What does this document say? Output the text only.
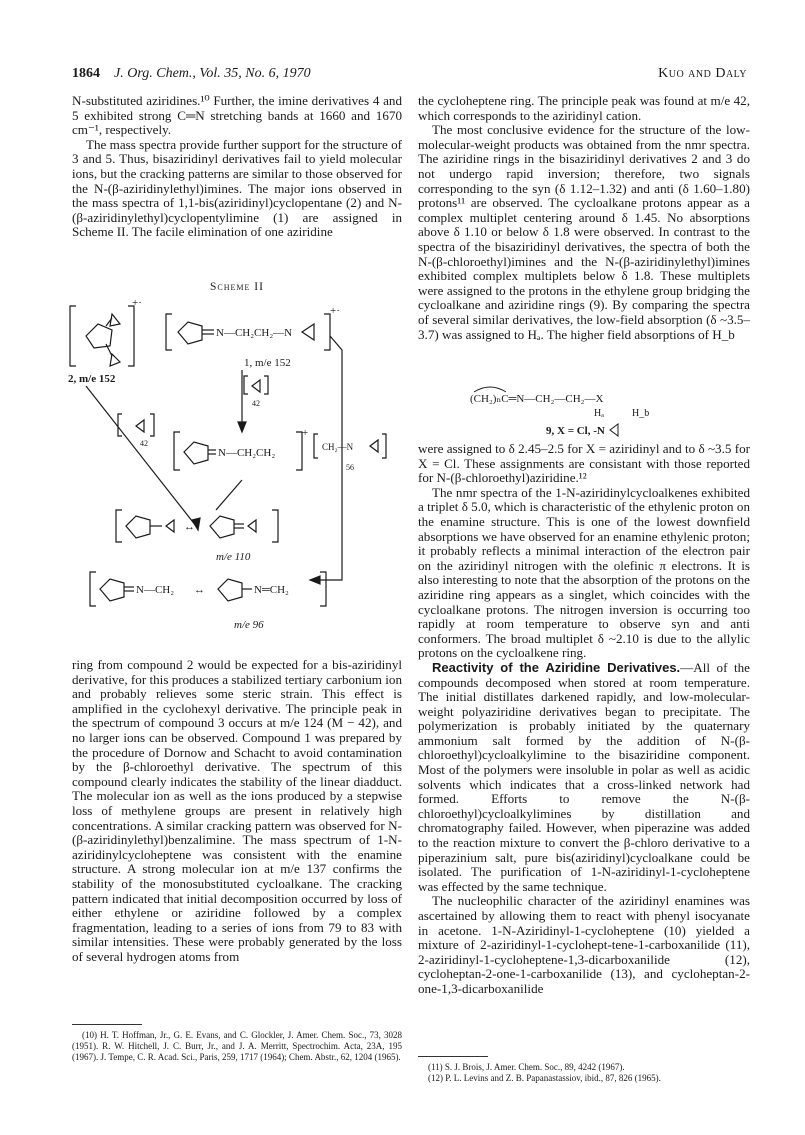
1864 J. Org. Chem., Vol. 35, No. 6, 1970	Kuo and Daly

N-substituted aziridines.¹⁰ Further, the imine derivatives 4 and 5 exhibited strong C═N stretching bands at 1660 and 1670 cm⁻¹, respectively.

The mass spectra provide further support for the structure of 3 and 5. Thus, bisaziridinyl derivatives fail to yield molecular ions, but the cracking patterns are similar to those observed for the N-(β-aziridinylethyl)imines. The major ions observed in the mass spectra of 1,1-bis(aziridinyl)cyclopentane (2) and N-(β-aziridinylethyl)cyclopentylimine (1) are assigned in Scheme II. The facile elimination of one aziridine

Scheme II
+·
+·
2, m/e 152
N—CH₂CH₂—N
1, m/e 152
42
42
N—CH₂CH₂
+
CH₂—N
56
↔
m/e 110
N—CH₂ ↔	N═CH₂
m/e 96

ring from compound 2 would be expected for a bis-aziridinyl derivative, for this produces a stabilized tertiary carbonium ion and probably relieves some steric strain. This effect is amplified in the cyclohexyl derivative. The principle peak in the spectrum of compound 3 occurs at m/e 124 (M − 42), and no larger ions can be observed. Compound 1 was prepared by the procedure of Dornow and Schacht to avoid contamination by the β-chloroethyl derivative. The spectrum of this compound clearly indicates the stability of the linear diadduct. The molecular ion as well as the ions produced by a stepwise loss of methylene groups are present in relatively high concentrations. A similar cracking pattern was observed for N-(β-aziridinylethyl)benzalimine. The mass spectrum of 1-N-aziridinylcycloheptene was consistent with the enamine structure. A strong molecular ion at m/e 137 confirms the stability of the monosubstituted cycloalkane. The cracking pattern indicated that initial decomposition occurred by loss of either ethylene or aziridine followed by a complex fragmentation, leading to a series of ions from 79 to 83 with similar intensities. These were probably generated by the loss of several hydrogen atoms from

(10) H. T. Hoffman, Jr., G. E. Evans, and C. Glockler, J. Amer. Chem. Soc., 73, 3028 (1951). R. W. Hitchell, J. C. Burr, Jr., and J. A. Merritt, Spectrochim. Acta, 23A, 195 (1967). J. Tempe, C. R. Acad. Sci., Paris, 259, 1717 (1964); Chem. Abstr., 62, 1204 (1965).

the cycloheptene ring. The principle peak was found at m/e 42, which corresponds to the aziridinyl cation.

The most conclusive evidence for the structure of the low-molecular-weight products was obtained from the nmr spectra. The aziridine rings in the bisaziridinyl derivatives 2 and 3 do not undergo rapid inversion; therefore, two signals corresponding to the syn (δ 1.12–1.32) and anti (δ 1.60–1.80) protons¹¹ are observed. The cycloalkane protons appear as a complex multiplet centering around δ 1.45. No absorptions above δ 1.10 or below δ 1.8 were observed. In contrast to the spectra of the bisaziridinyl derivatives, the spectra of both the N-(β-chloroethyl)imines and the N-(β-aziridinylethyl)imines exhibited complex multiplets below δ 1.8. These multiplets were assigned to the protons in the ethylene group bridging the cycloalkane and aziridine rings (9). By comparing the spectra of several similar derivatives, the low-field absorption (δ ~3.5–3.7) was assigned to Hₐ. The higher field absorptions of H_b

(CH₂)ₙC═N—CH₂—CH₂—X
Hₐ	H_b
9, X = Cl, -N

were assigned to δ 2.45–2.5 for X = aziridinyl and to δ ~3.5 for X = Cl. These assignments are consistant with those reported for N-(β-chloroethyl)aziridine.¹²

The nmr spectra of the 1-N-aziridinylcycloalkenes exhibited a triplet δ 5.0, which is characteristic of the ethylenic proton on the enamine structure. This is one of the lowest downfield absorptions we have observed for an enamine ethylenic proton; it probably reflects a minimal interaction of the electron pair on the aziridinyl nitrogen with the olefinic π electrons. It is also interesting to note that the absorption of the protons on the aziridine ring appears as a singlet, which coincides with the cycloalkane protons. The nitrogen inversion is occurring too rapidly at room temperature to observe syn and anti conformers. The broad multiplet δ ~2.10 is due to the allylic protons on the cycloalkene ring.

Reactivity of the Aziridine Derivatives.—All of the compounds decomposed when stored at room temperature. The initial distillates darkened rapidly, and low-molecular-weight polyaziridine derivatives began to precipitate. The polymerization is probably initiated by the quaternary ammonium salt formed by the addition of N-(β-chloroethyl)cycloalkylimine to the bisaziridine component. Most of the polymers were insoluble in polar as well as acidic solvents which indicates that a cross-linked network had formed. Efforts to remove the N-(β-chloroethyl)cycloalkylimines by distillation and chromatography failed. However, when piperazine was added to the reaction mixture to convert the β-chloro derivative to a piperazinium salt, pure bis(aziridinyl)cycloalkane could be isolated. The purification of 1-N-aziridinyl-1-cycloheptene was effected by the same technique.

The nucleophilic character of the aziridinyl enamines was ascertained by allowing them to react with phenyl isocyanate in acetone. 1-N-Aziridinyl-1-cycloheptene (10) yielded a mixture of 2-aziridinyl-1-cyclohept-tene-1-carboxanilide (11), 2-aziridinyl-1-cycloheptene-1,3-dicarboxanilide (12), cycloheptan-2-one-1-carboxanilide (13), and cycloheptan-2-one-1,3-dicarboxanilide

(11) S. J. Brois, J. Amer. Chem. Soc., 89, 4242 (1967).

(12) P. L. Levins and Z. B. Papanastassiov, ibid., 87, 826 (1965).
